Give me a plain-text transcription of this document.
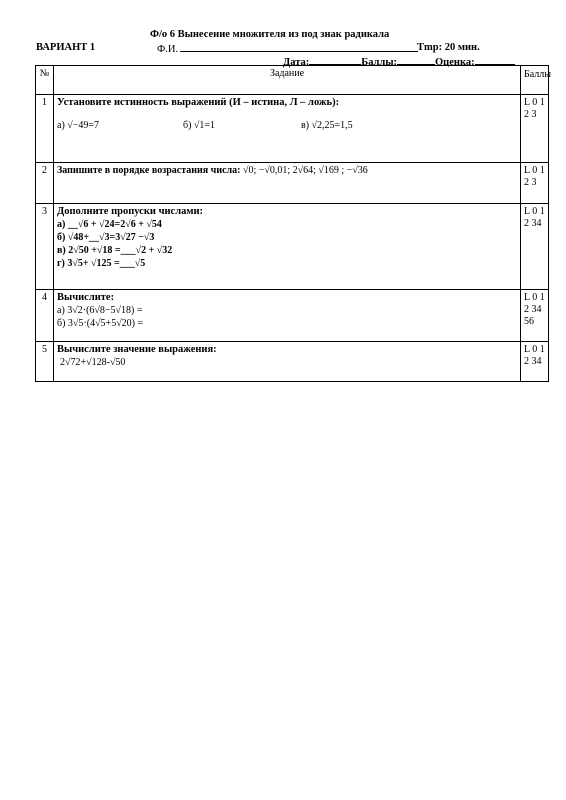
Ф/о 6 Вынесение множителя из под знак радикала
ВАРИАНТ 1	Ф.И.	Tmp: 20 мин.
Дата:	Баллы:	Оценка:
№	Задание	Баллы
1	Установите истинность выражений (И – истина, Л – ложь):
а) √−49=7 б) √1=1 в) √2,25=1,5	L 0 1 2 3
2	Запишите в порядке возрастания числа: √0; −√0,01; 2√64; √169 ; −√36	L 0 1 2 3
3	Дополните пропуски числами:
а) __√6 + √24=2√6 + √54
б) √48+__√3=3√27 −√3
в) 2√50 +√18 =___√2 + √32
г) 3√5+ √125 =___√5	L 0 1 2 34
4	Вычислите:
а) 3√2·(6√8−5√18) =
б) 3√5·(4√5+5√20) =	L 0 1 2 34 56
5	Вычислите значение выражения:
2√72+√128-√50	L 0 1 2 34
